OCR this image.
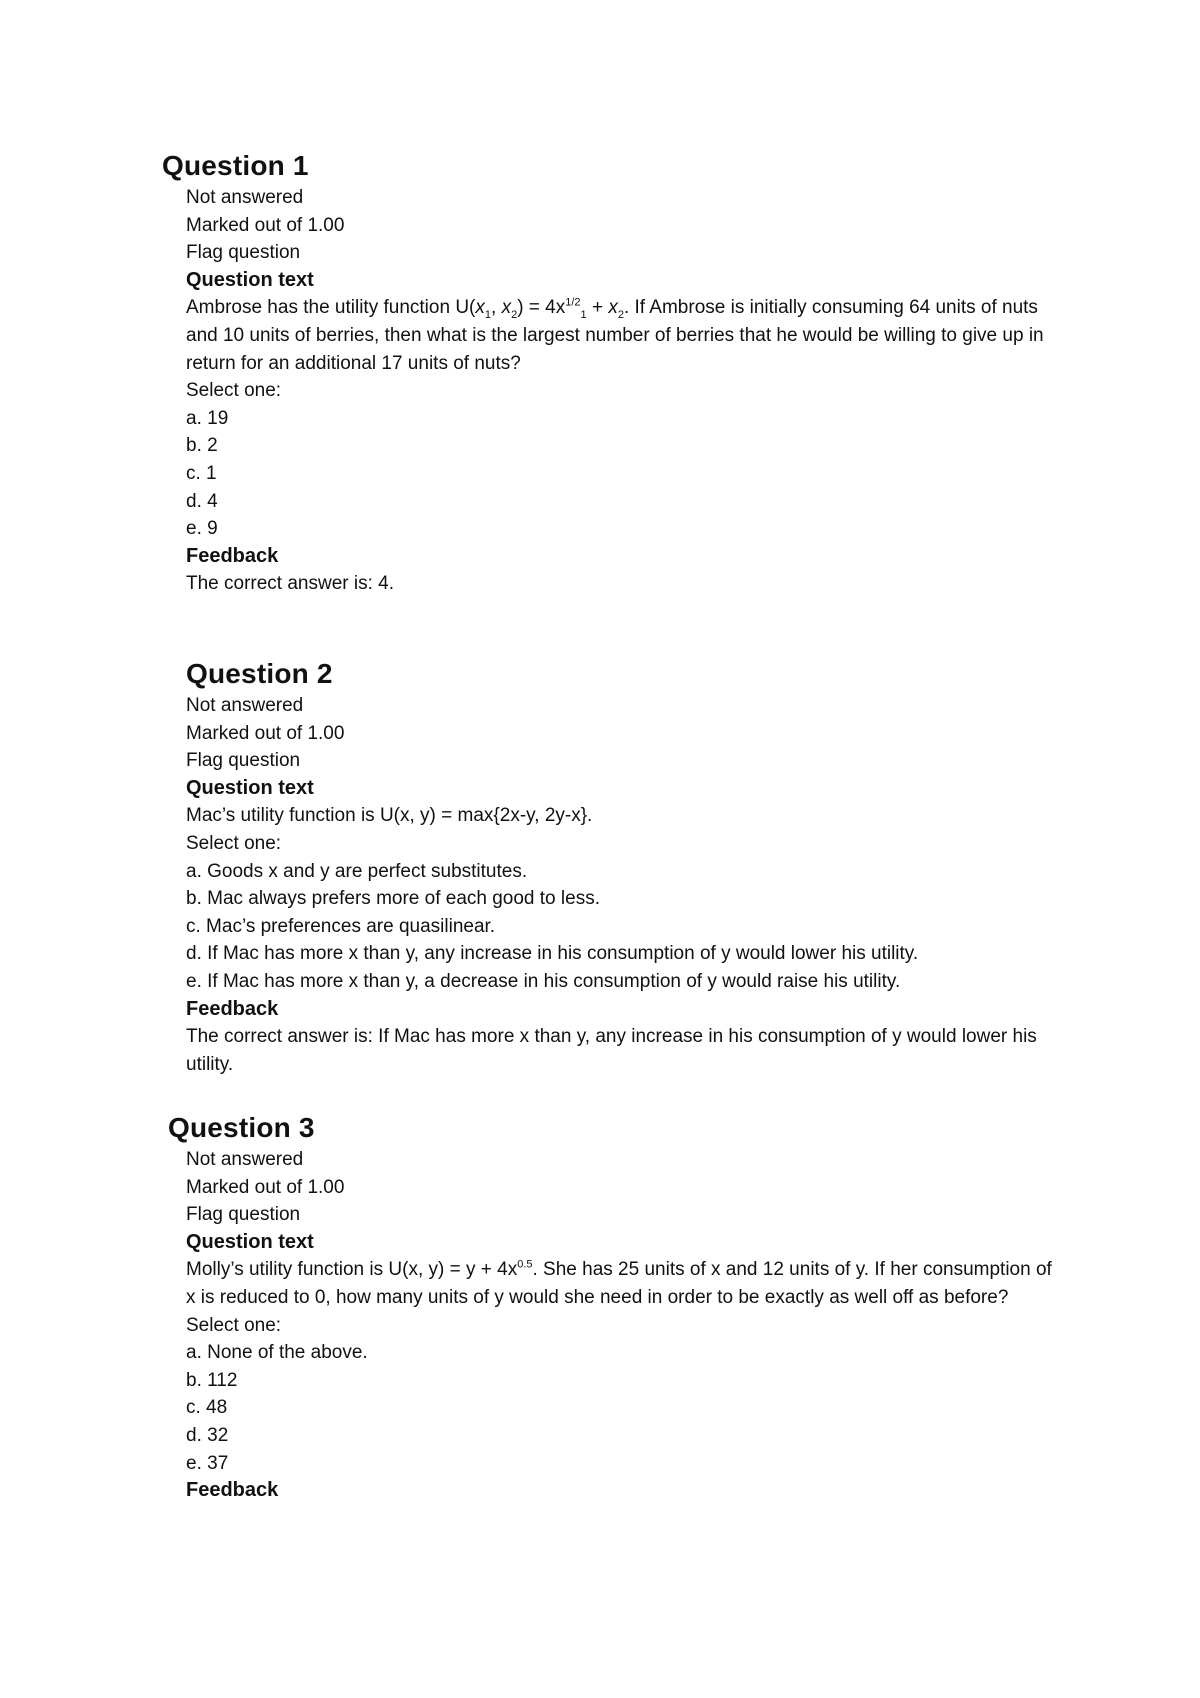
Question 1
Not answered
Marked out of 1.00
Flag question
Question text
Ambrose has the utility function $U(x_1$, $x_2) = 4x^{1/2}_1 + x_2$. If Ambrose is initially consuming 64 units of nuts and 10 units of berries, then what is the largest number of berries that he would be willing to give up in return for an additional 17 units of nuts?
Select one:
a. 19
b. 2
c. 1
d. 4
e. 9
Feedback
The correct answer is: 4.
Question 2
Not answered
Marked out of 1.00
Flag question
Question text
Mac’s utility function is U(x, y) = max{2x-y, 2y-x}.
Select one:
a. Goods x and y are perfect substitutes.
b. Mac always prefers more of each good to less.
c. Mac’s preferences are quasilinear.
d. If Mac has more x than y, any increase in his consumption of y would lower his utility.
e. If Mac has more x than y, a decrease in his consumption of y would raise his utility.
Feedback
The correct answer is: If Mac has more x than y, any increase in his consumption of y would lower his utility.
Question 3
Not answered
Marked out of 1.00
Flag question
Question text
Molly’s utility function is U(x, $y) = y + 4x^{0.5}$. She has 25 units of x and 12 units of y. If her consumption of x is reduced to 0, how many units of y would she need in order to be exactly as well off as before?
Select one:
a. None of the above.
b. 112
c. 48
d. 32
e. 37
Feedback
